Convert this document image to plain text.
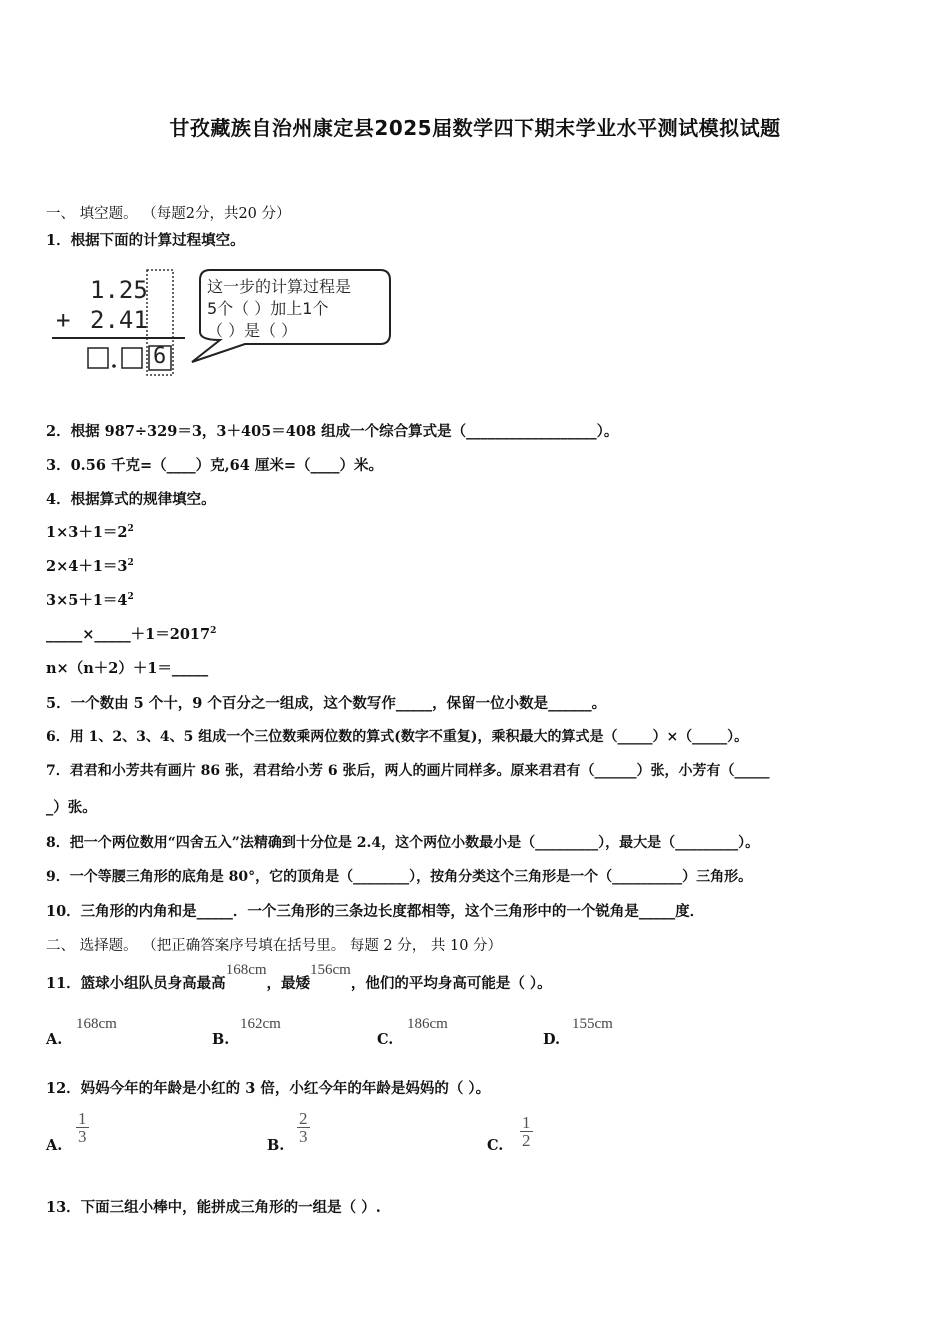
甘孜藏族自治州康定县2025届数学四下期末学业水平测试模拟试题
一、 填空题。 （每题2分，共20 分）
1．根据下面的计算过程填空。
1.25
+ 2.41
6
这一步的计算过程是
5个（ ）加上1个
（ ）是（ ）
2．根据 987÷329＝3，3＋405＝408 组成一个综合算式是（__________________）。
3．0.56 千克=（____）克,64 厘米=（____）米。
4．根据算式的规律填空。
$1\times 3+1=2^2$
$2\times 4+1=3^2$
$3\times 5+1=4^2$
$\_\_\_\_\_\times\_\_\_\_\_+1=2017^2$
n×（n＋2）＋1＝_____
5．一个数由 5 个十，9 个百分之一组成，这个数写作_____，保留一位小数是______。
6．用 1、2、3、4、5 组成一个三位数乘两位数的算式(数字不重复)，乘积最大的算式是（_____）×（_____）。
7．君君和小芳共有画片 86 张，君君给小芳 6 张后，两人的画片同样多。原来君君有（______）张，小芳有（_____
_）张。
8．把一个两位数用“四舍五入”法精确到十分位是 2.4，这个两位小数最小是（_________），最大是（_________）。
9．一个等腰三角形的底角是 80°，它的顶角是（________），按角分类这个三角形是一个（__________）三角形。
10．三角形的内角和是_____．一个三角形的三条边长度都相等，这个三角形中的一个锐角是_____度．
二、 选择题。 （把正确答案序号填在括号里。 每题 2 分， 共 10 分）
11．篮球小组队员身高最高168cm，最矮156cm，他们的平均身高可能是（ ）。
A.
168cm
B.
162cm
C.
186cm
D.
155cm
12．妈妈今年的年龄是小红的 3 倍，小红今年的年龄是妈妈的（ ）。
A.
$\frac{1}{3}$
B.
$\frac{2}{3}$
C. $\frac{1}{2}$
13．下面三组小棒中，能拼成三角形的一组是（ ）.
